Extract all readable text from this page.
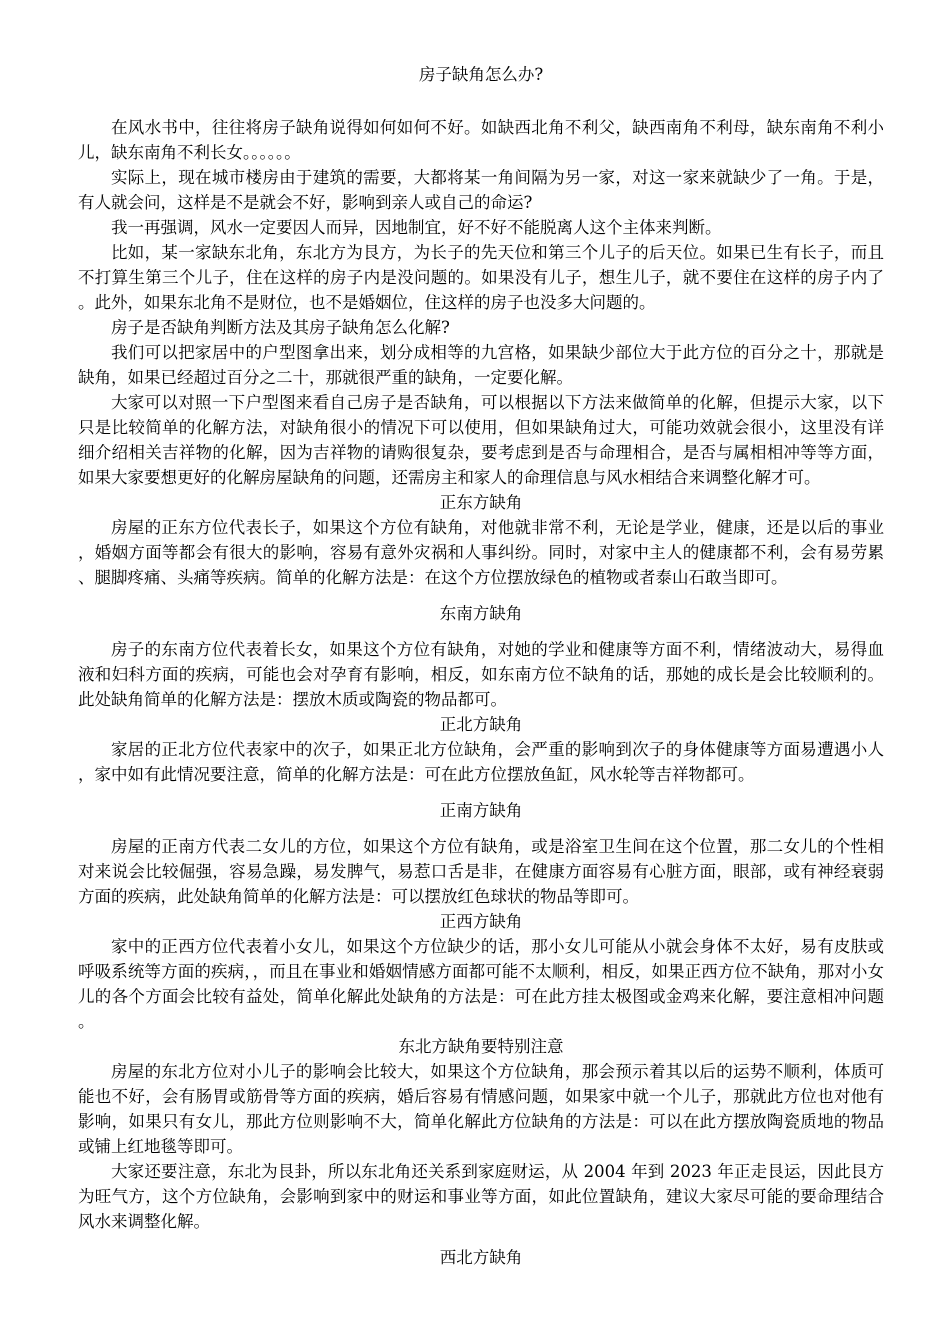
房子缺角怎么办?
在风水书中，往往将房子缺角说得如何如何不好。如缺西北角不利父，缺西南角不利母，缺东南角不利小儿，缺东南角不利长女。。。。。。
实际上，现在城市楼房由于建筑的需要，大都将某一角间隔为另一家，对这一家来就缺少了一角。于是，有人就会问，这样是不是就会不好，影响到亲人或自己的命运?
我一再强调，风水一定要因人而异，因地制宜，好不好不能脱离人这个主体来判断。
比如，某一家缺东北角，东北方为艮方，为长子的先天位和第三个儿子的后天位。如果已生有长子，而且不打算生第三个儿子，住在这样的房子内是没问题的。如果没有儿子，想生儿子，就不要住在这样的房子内了。此外，如果东北角不是财位，也不是婚姻位，住这样的房子也没多大问题的。
房子是否缺角判断方法及其房子缺角怎么化解?
我们可以把家居中的户型图拿出来，划分成相等的九宫格，如果缺少部位大于此方位的百分之十，那就是缺角，如果已经超过百分之二十，那就很严重的缺角，一定要化解。
大家可以对照一下户型图来看自己房子是否缺角，可以根据以下方法来做简单的化解，但提示大家，以下只是比较简单的化解方法，对缺角很小的情况下可以使用，但如果缺角过大，可能功效就会很小，这里没有详细介绍相关吉祥物的化解，因为吉祥物的请购很复杂，要考虑到是否与命理相合，是否与属相相冲等等方面，如果大家要想更好的化解房屋缺角的问题，还需房主和家人的命理信息与风水相结合来调整化解才可。
正东方缺角
房屋的正东方位代表长子，如果这个方位有缺角，对他就非常不利，无论是学业，健康，还是以后的事业，婚姻方面等都会有很大的影响，容易有意外灾祸和人事纠纷。同时，对家中主人的健康都不利，会有易劳累、腿脚疼痛、头痛等疾病。简单的化解方法是：在这个方位摆放绿色的植物或者泰山石敢当即可。
东南方缺角
房子的东南方位代表着长女，如果这个方位有缺角，对她的学业和健康等方面不利，情绪波动大，易得血液和妇科方面的疾病，可能也会对孕育有影响，相反，如东南方位不缺角的话，那她的成长是会比较顺利的。此处缺角简单的化解方法是：摆放木质或陶瓷的物品都可。
正北方缺角
家居的正北方位代表家中的次子，如果正北方位缺角，会严重的影响到次子的身体健康等方面易遭遇小人，家中如有此情况要注意，简单的化解方法是：可在此方位摆放鱼缸，风水轮等吉祥物都可。
正南方缺角
房屋的正南方代表二女儿的方位，如果这个方位有缺角，或是浴室卫生间在这个位置，那二女儿的个性相对来说会比较倔强，容易急躁，易发脾气，易惹口舌是非，在健康方面容易有心脏方面，眼部，或有神经衰弱方面的疾病，此处缺角简单的化解方法是：可以摆放红色球状的物品等即可。
正西方缺角
家中的正西方位代表着小女儿，如果这个方位缺少的话，那小女儿可能从小就会身体不太好，易有皮肤或呼吸系统等方面的疾病，，而且在事业和婚姻情感方面都可能不太顺利，相反，如果正西方位不缺角，那对小女儿的各个方面会比较有益处，简单化解此处缺角的方法是：可在此方挂太极图或金鸡来化解，要注意相冲问题。
东北方缺角要特别注意
房屋的东北方位对小儿子的影响会比较大，如果这个方位缺角，那会预示着其以后的运势不顺利，体质可能也不好，会有肠胃或筋骨等方面的疾病，婚后容易有情感问题，如果家中就一个儿子，那就此方位也对他有影响，如果只有女儿，那此方位则影响不大，简单化解此方位缺角的方法是：可以在此方摆放陶瓷质地的物品或铺上红地毯等即可。
大家还要注意，东北为艮卦，所以东北角还关系到家庭财运，从 2004 年到 2023 年正走艮运，因此艮方为旺气方，这个方位缺角，会影响到家中的财运和事业等方面，如此位置缺角，建议大家尽可能的要命理结合风水来调整化解。
西北方缺角
